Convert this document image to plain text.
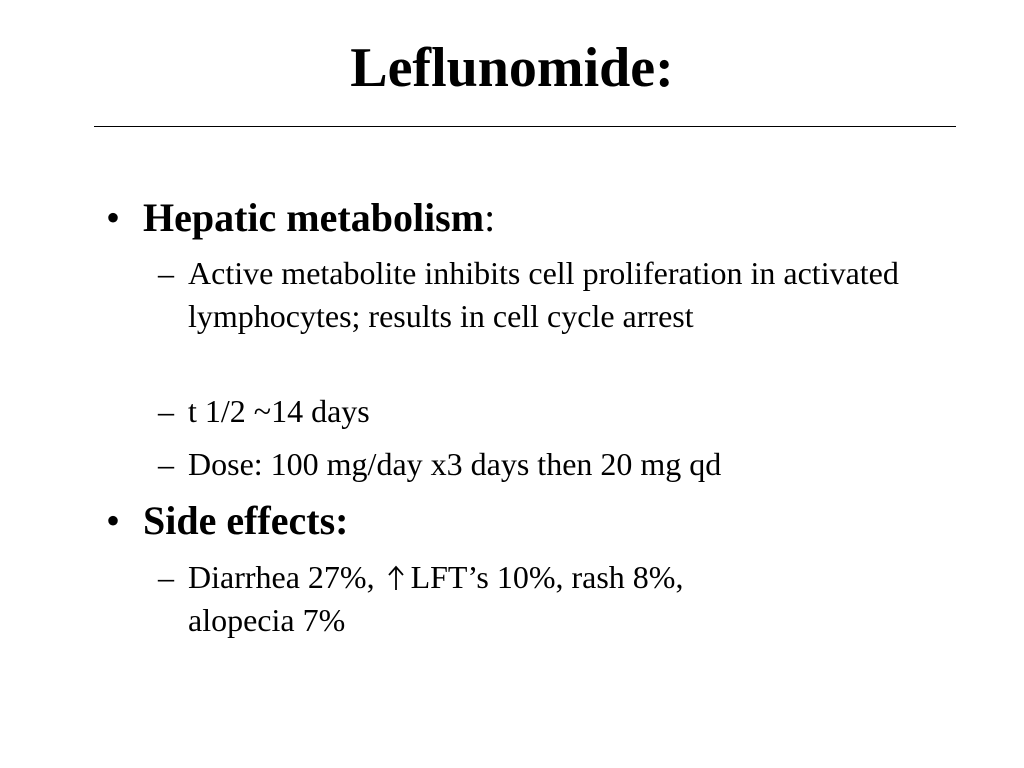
Leflunomide:
• Hepatic metabolism:
– Active metabolite inhibits cell proliferation in activated lymphocytes; results in cell cycle arrest
– t 1/2 ~14 days
– Dose: 100 mg/day x3 days then 20 mg qd
• Side effects:
– Diarrhea 27%, LFT’s 10%, rash 8%,
alopecia 7%
